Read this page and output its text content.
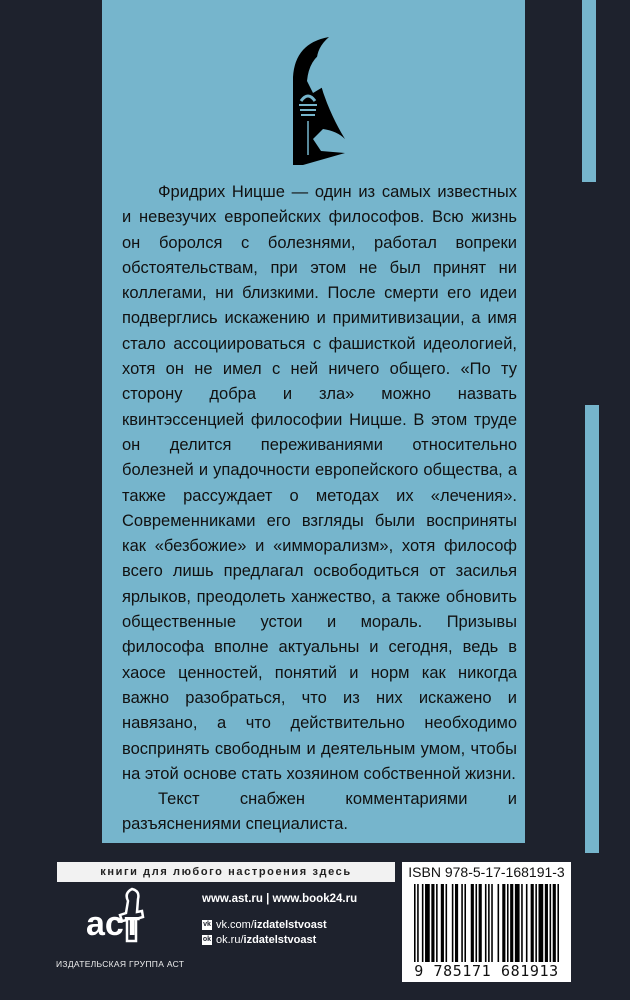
Фридрих Ницше — один из самых известных и невезучих европейских философов. Всю жизнь он боролся с болезнями, работал вопреки обстоятельствам, при этом не был принят ни коллегами, ни близкими. После смерти его идеи подверглись искажению и примитивизации, а имя стало ассоциироваться с фашисткой идеологией, хотя он не имел с ней ничего общего. «По ту сторону добра и зла» можно назвать квинтэссенцией философии Ницше. В этом труде он делится переживаниями относительно болезней и упадочности европейского общества, а также рассуждает о методах их «лечения». Современниками его взгляды были восприняты как «безбожие» и «имморализм», хотя философ всего лишь предлагал освободиться от засилья ярлыков, преодолеть ханжество, а также обновить общественные устои и мораль. Призывы философа вполне актуальны и сегодня, ведь в хаосе ценностей, понятий и норм как никогда важно разобраться, что из них искажено и навязано, а что действительно необходимо воспринять свободным и деятельным умом, чтобы на этой основе стать хозяином собственной жизни.

Текст снабжен комментариями и разъяснениями специалиста.

книги для любого настроения здесь
аст
ИЗДАТЕЛЬСКАЯ ГРУППА АСТ
www.ast.ru | www.book24.ru
vk vk.com/izdatelstvoast
ok ok.ru/izdatelstvoast
ISBN 978-5-17-168191-3
9 785171 681913
